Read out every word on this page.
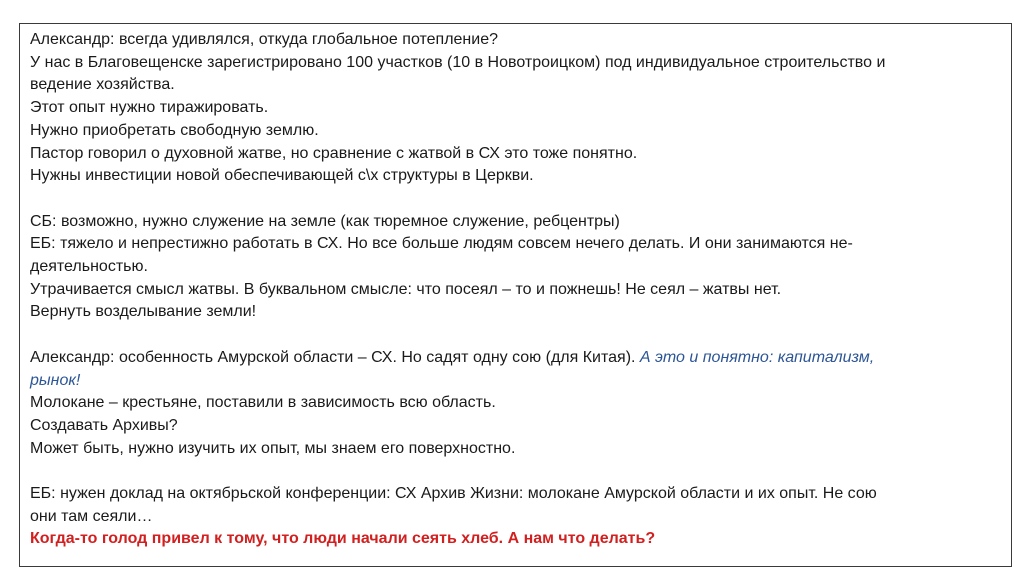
Александр: всегда удивлялся, откуда глобальное потепление?

У нас в Благовещенске зарегистрировано 100 участков (10 в Новотроицком) под индивидуальное строительство и

ведение хозяйства.

Этот опыт нужно тиражировать.

Нужно приобретать свободную землю.

Пастор говорил о духовной жатве, но сравнение с жатвой в СХ это тоже понятно.

Нужны инвестиции новой обеспечивающей с\х структуры в Церкви.

СБ: возможно, нужно служение на земле (как тюремное служение, ребцентры)

ЕБ: тяжело и непрестижно работать в СХ. Но все больше людям совсем нечего делать. И они занимаются не-

деятельностью.

Утрачивается смысл жатвы. В буквальном смысле: что посеял – то и пожнешь! Не сеял – жатвы нет.

Вернуть возделывание земли!

Александр: особенность Амурской области – СХ. Но садят одну сою (для Китая). А это и понятно: капитализм,

рынок!

Молокане – крестьяне, поставили в зависимость всю область.

Создавать Архивы?

Может быть, нужно изучить их опыт, мы знаем его поверхностно.

ЕБ: нужен доклад на октябрьской конференции: СХ Архив Жизни: молокане Амурской области и их опыт. Не сою

они там сеяли…

Когда-то голод привел к тому, что люди начали сеять хлеб. А нам что делать?
